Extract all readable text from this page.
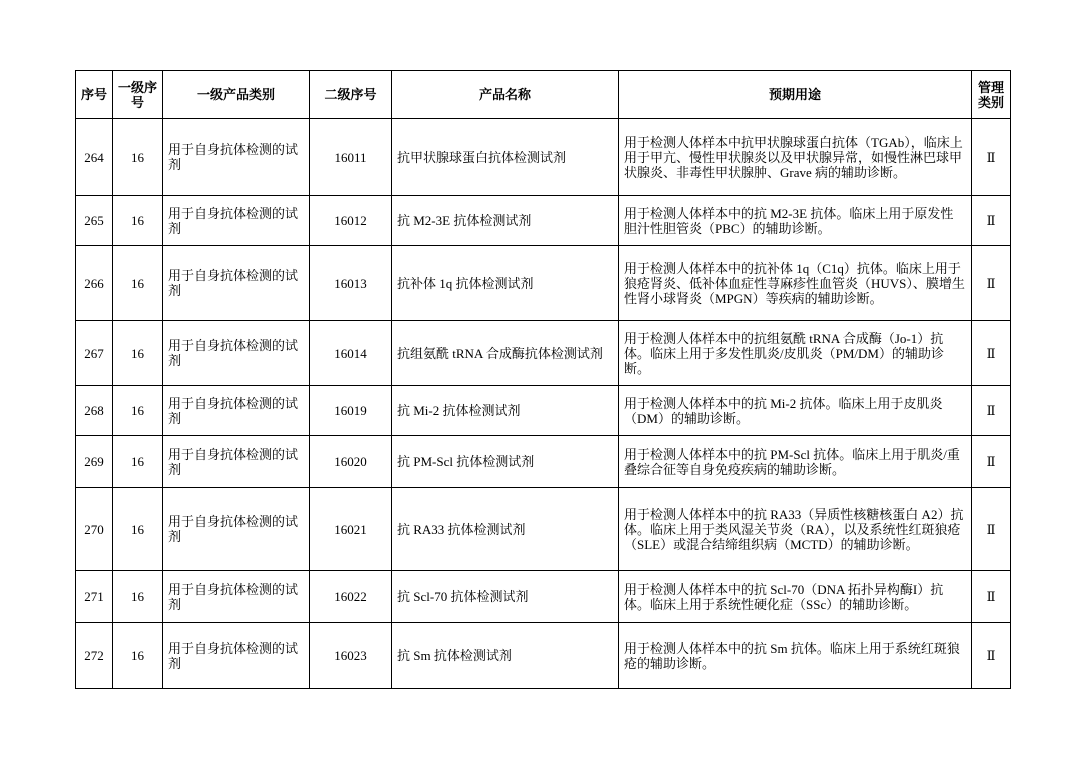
序号	一级序号	一级产品类别	二级序号	产品名称	预期用途	管理类别
264	16	用于自身抗体检测的试剂	16011	抗甲状腺球蛋白抗体检测试剂	用于检测人体样本中抗甲状腺球蛋白抗体（TGAb），临床上用于甲亢、慢性甲状腺炎以及甲状腺异常，如慢性淋巴球甲状腺炎、非毒性甲状腺肿、Grave 病的辅助诊断。	Ⅱ
265	16	用于自身抗体检测的试剂	16012	抗 M2-3E 抗体检测试剂	用于检测人体样本中的抗 M2-3E 抗体。临床上用于原发性胆汁性胆管炎（PBC）的辅助诊断。	Ⅱ
266	16	用于自身抗体检测的试剂	16013	抗补体 1q 抗体检测试剂	用于检测人体样本中的抗补体 1q（C1q）抗体。临床上用于狼疮肾炎、低补体血症性荨麻疹性血管炎（HUVS）、膜增生性肾小球肾炎（MPGN）等疾病的辅助诊断。	Ⅱ
267	16	用于自身抗体检测的试剂	16014	抗组氨酰 tRNA 合成酶抗体检测试剂	用于检测人体样本中的抗组氨酰 tRNA 合成酶（Jo-1）抗体。临床上用于多发性肌炎/皮肌炎（PM/DM）的辅助诊断。	Ⅱ
268	16	用于自身抗体检测的试剂	16019	抗 Mi-2 抗体检测试剂	用于检测人体样本中的抗 Mi-2 抗体。临床上用于皮肌炎（DM）的辅助诊断。	Ⅱ
269	16	用于自身抗体检测的试剂	16020	抗 PM-Scl 抗体检测试剂	用于检测人体样本中的抗 PM-Scl 抗体。临床上用于肌炎/重叠综合征等自身免疫疾病的辅助诊断。	Ⅱ
270	16	用于自身抗体检测的试剂	16021	抗 RA33 抗体检测试剂	用于检测人体样本中的抗 RA33（异质性核糖核蛋白 A2）抗体。临床上用于类风湿关节炎（RA），以及系统性红斑狼疮（SLE）或混合结缔组织病（MCTD）的辅助诊断。	Ⅱ
271	16	用于自身抗体检测的试剂	16022	抗 Scl-70 抗体检测试剂	用于检测人体样本中的抗 Scl-70（DNA 拓扑异构酶I）抗体。临床上用于系统性硬化症（SSc）的辅助诊断。	Ⅱ
272	16	用于自身抗体检测的试剂	16023	抗 Sm 抗体检测试剂	用于检测人体样本中的抗 Sm 抗体。临床上用于系统红斑狼疮的辅助诊断。	Ⅱ
